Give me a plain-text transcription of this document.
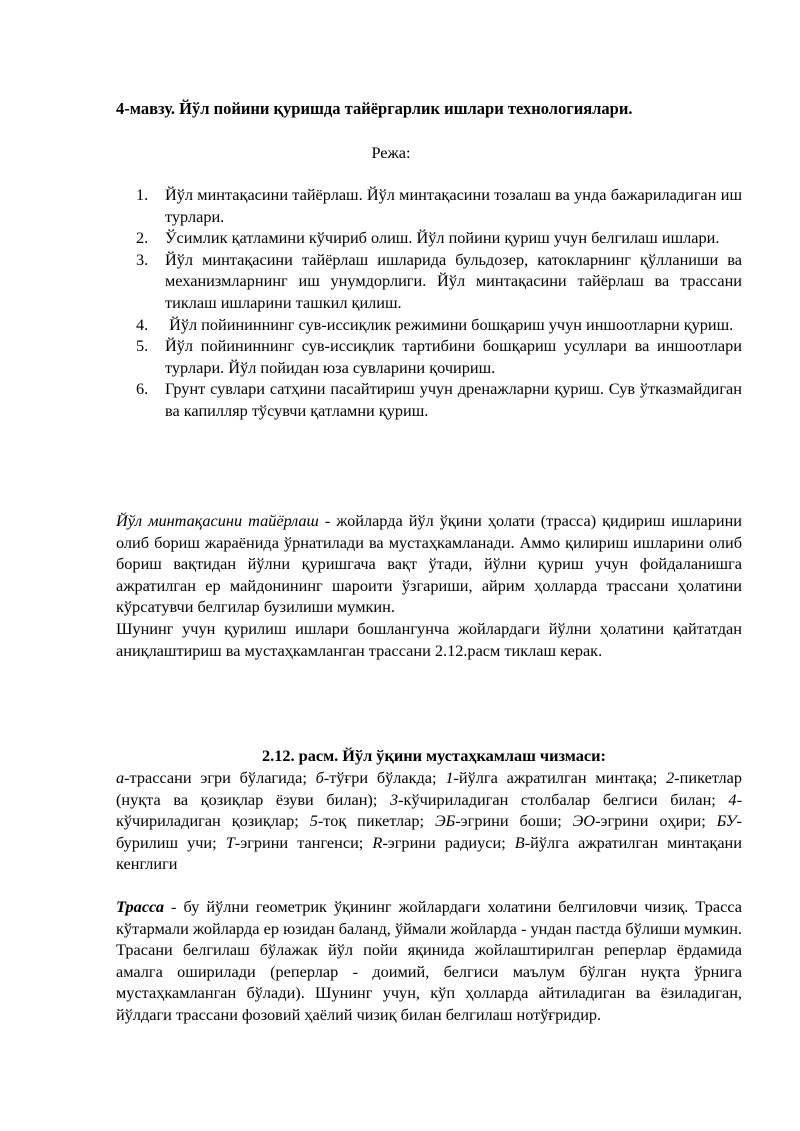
4-мавзу. Йўл пойини қуришда тайёргарлик ишлари технологиялари.

Режа:
1. Йўл минтақасини тайёрлаш. Йўл минтақасини тозалаш ва унда бажариладиган иш турлари.
2. Ўсимлик қатламини кўчириб олиш. Йўл пойини қуриш учун белгилаш ишлари.
3. Йўл минтақасини тайёрлаш ишларида бульдозер, катокларнинг қўлланиши ва механизмларнинг иш унумдорлиги. Йўл минтақасини тайёрлаш ва трассани тиклаш ишларини ташкил қилиш.
4. Йўл пойининнинг сув-иссиқлик режимини бошқариш учун иншоотларни қуриш.
5. Йўл пойининнинг сув-иссиқлик тартибини бошқариш усуллари ва иншоотлари турлари. Йўл пойидан юза сувларини қочириш.
6. Грунт сувлари сатҳини пасайтириш учун дренажларни қуриш. Сув ўтказмайдиган ва капилляр тўсувчи қатламни қуриш.

Йўл минтақасини тайёрлаш - жойларда йўл ўқини ҳолати (трасса) қидириш ишларини олиб бориш жараёнида ўрнатилади ва мустаҳкамланади. Аммо қилириш ишларини олиб бориш вақтидан йўлни қуришгача вақт ўтади, йўлни қуриш учун фойдаланишга ажратилган ер майдонининг шароити ўзгариши, айрим ҳолларда трассани ҳолатини кўрсатувчи белгилар бузилиши мумкин.

Шунинг учун қурилиш ишлари бошлангунча жойлардаги йўлни ҳолатини қайтатдан аниқлаштириш ва мустаҳкамланган трассани 2.12.расм тиклаш керак.

2.12. расм. Йўл ўқини мустаҳкамлаш чизмаси:

а-трассани эгри бўлагида; б-тўғри бўлакда; 1-йўлга ажратилган минтақа; 2-пикетлар (нуқта ва қозиқлар ёзуви билан); 3-кўчириладиган столбалар белгиси билан; 4-кўчириладиган қозиқлар; 5-тоқ пикетлар; ЭБ-эгрини боши; ЭО-эгрини оҳири; БУ-бурилиш учи; Т-эгрини тангенси; R-эгрини радиуси; В-йўлга ажратилган минтақани кенглиги

Трасса - бу йўлни геометрик ўқининг жойлардаги холатини белгиловчи чизиқ. Трасса кўтармали жойларда ер юзидан баланд, ўймали жойларда - ундан пастда бўлиши мумкин. Трасани белгилаш бўлажак йўл пойи яқинида жойлаштирилган реперлар ёрдамида амалга оширилади (реперлар - доимий, белгиси маълум бўлган нуқта ўрнига мустаҳкамланган бўлади). Шунинг учун, кўп ҳолларда айтиладиган ва ёзиладиган, йўлдаги трассани фозовий ҳаёлий чизиқ билан белгилаш нотўғридир.
